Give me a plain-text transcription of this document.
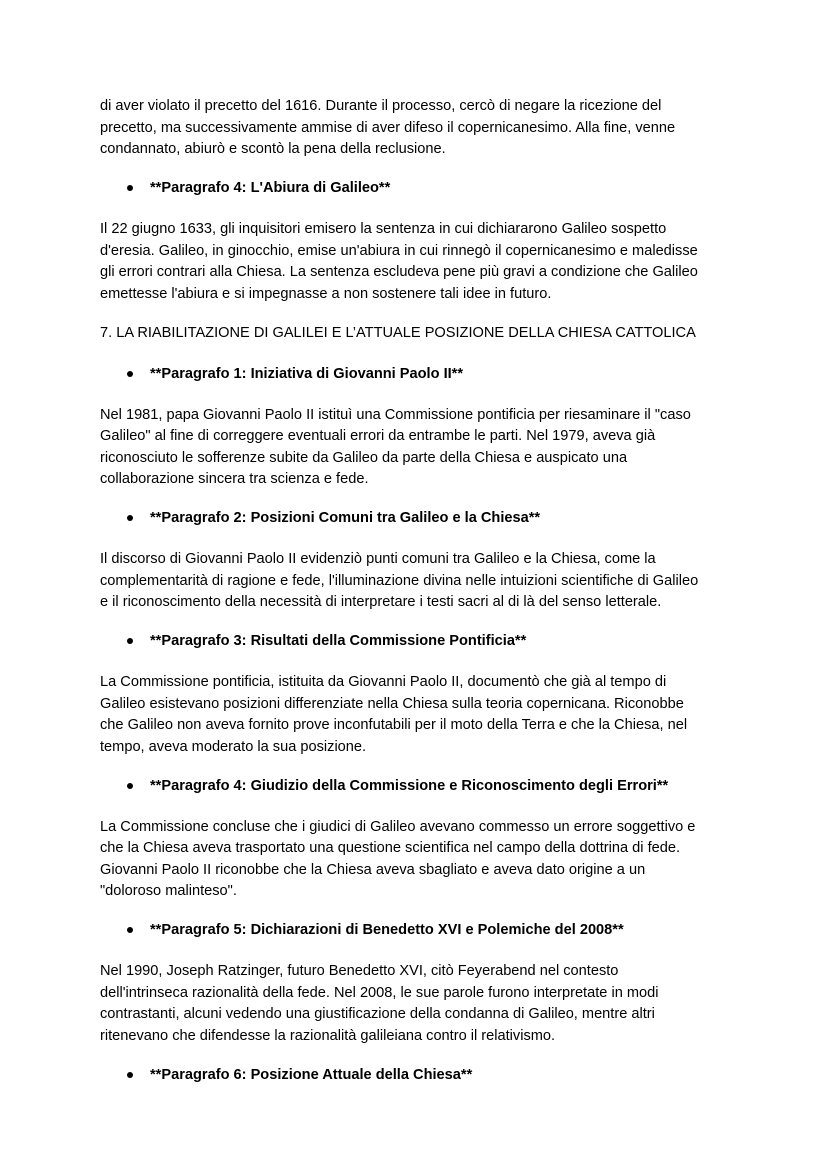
di aver violato il precetto del 1616. Durante il processo, cercò di negare la ricezione del
precetto, ma successivamente ammise di aver difeso il copernicanesimo. Alla fine, venne
condannato, abiurò e scontò la pena della reclusione.
**Paragrafo 4: L'Abiura di Galileo**
Il 22 giugno 1633, gli inquisitori emisero la sentenza in cui dichiararono Galileo sospetto
d'eresia. Galileo, in ginocchio, emise un'abiura in cui rinnegò il copernicanesimo e maledisse
gli errori contrari alla Chiesa. La sentenza escludeva pene più gravi a condizione che Galileo
emettesse l'abiura e si impegnasse a non sostenere tali idee in futuro.
7. LA RIABILITAZIONE DI GALILEI E L’ATTUALE POSIZIONE DELLA CHIESA CATTOLICA
**Paragrafo 1: Iniziativa di Giovanni Paolo II**
Nel 1981, papa Giovanni Paolo II istituì una Commissione pontificia per riesaminare il "caso
Galileo" al fine di correggere eventuali errori da entrambe le parti. Nel 1979, aveva già
riconosciuto le sofferenze subite da Galileo da parte della Chiesa e auspicato una
collaborazione sincera tra scienza e fede.
**Paragrafo 2: Posizioni Comuni tra Galileo e la Chiesa**
Il discorso di Giovanni Paolo II evidenziò punti comuni tra Galileo e la Chiesa, come la
complementarità di ragione e fede, l'illuminazione divina nelle intuizioni scientifiche di Galileo
e il riconoscimento della necessità di interpretare i testi sacri al di là del senso letterale.
**Paragrafo 3: Risultati della Commissione Pontificia**
La Commissione pontificia, istituita da Giovanni Paolo II, documentò che già al tempo di
Galileo esistevano posizioni differenziate nella Chiesa sulla teoria copernicana. Riconobbe
che Galileo non aveva fornito prove inconfutabili per il moto della Terra e che la Chiesa, nel
tempo, aveva moderato la sua posizione.
**Paragrafo 4: Giudizio della Commissione e Riconoscimento degli Errori**
La Commissione concluse che i giudici di Galileo avevano commesso un errore soggettivo e
che la Chiesa aveva trasportato una questione scientifica nel campo della dottrina di fede.
Giovanni Paolo II riconobbe che la Chiesa aveva sbagliato e aveva dato origine a un
"doloroso malinteso".
**Paragrafo 5: Dichiarazioni di Benedetto XVI e Polemiche del 2008**
Nel 1990, Joseph Ratzinger, futuro Benedetto XVI, citò Feyerabend nel contesto
dell'intrinseca razionalità della fede. Nel 2008, le sue parole furono interpretate in modi
contrastanti, alcuni vedendo una giustificazione della condanna di Galileo, mentre altri
ritenevano che difendesse la razionalità galileiana contro il relativismo.
**Paragrafo 6: Posizione Attuale della Chiesa**
